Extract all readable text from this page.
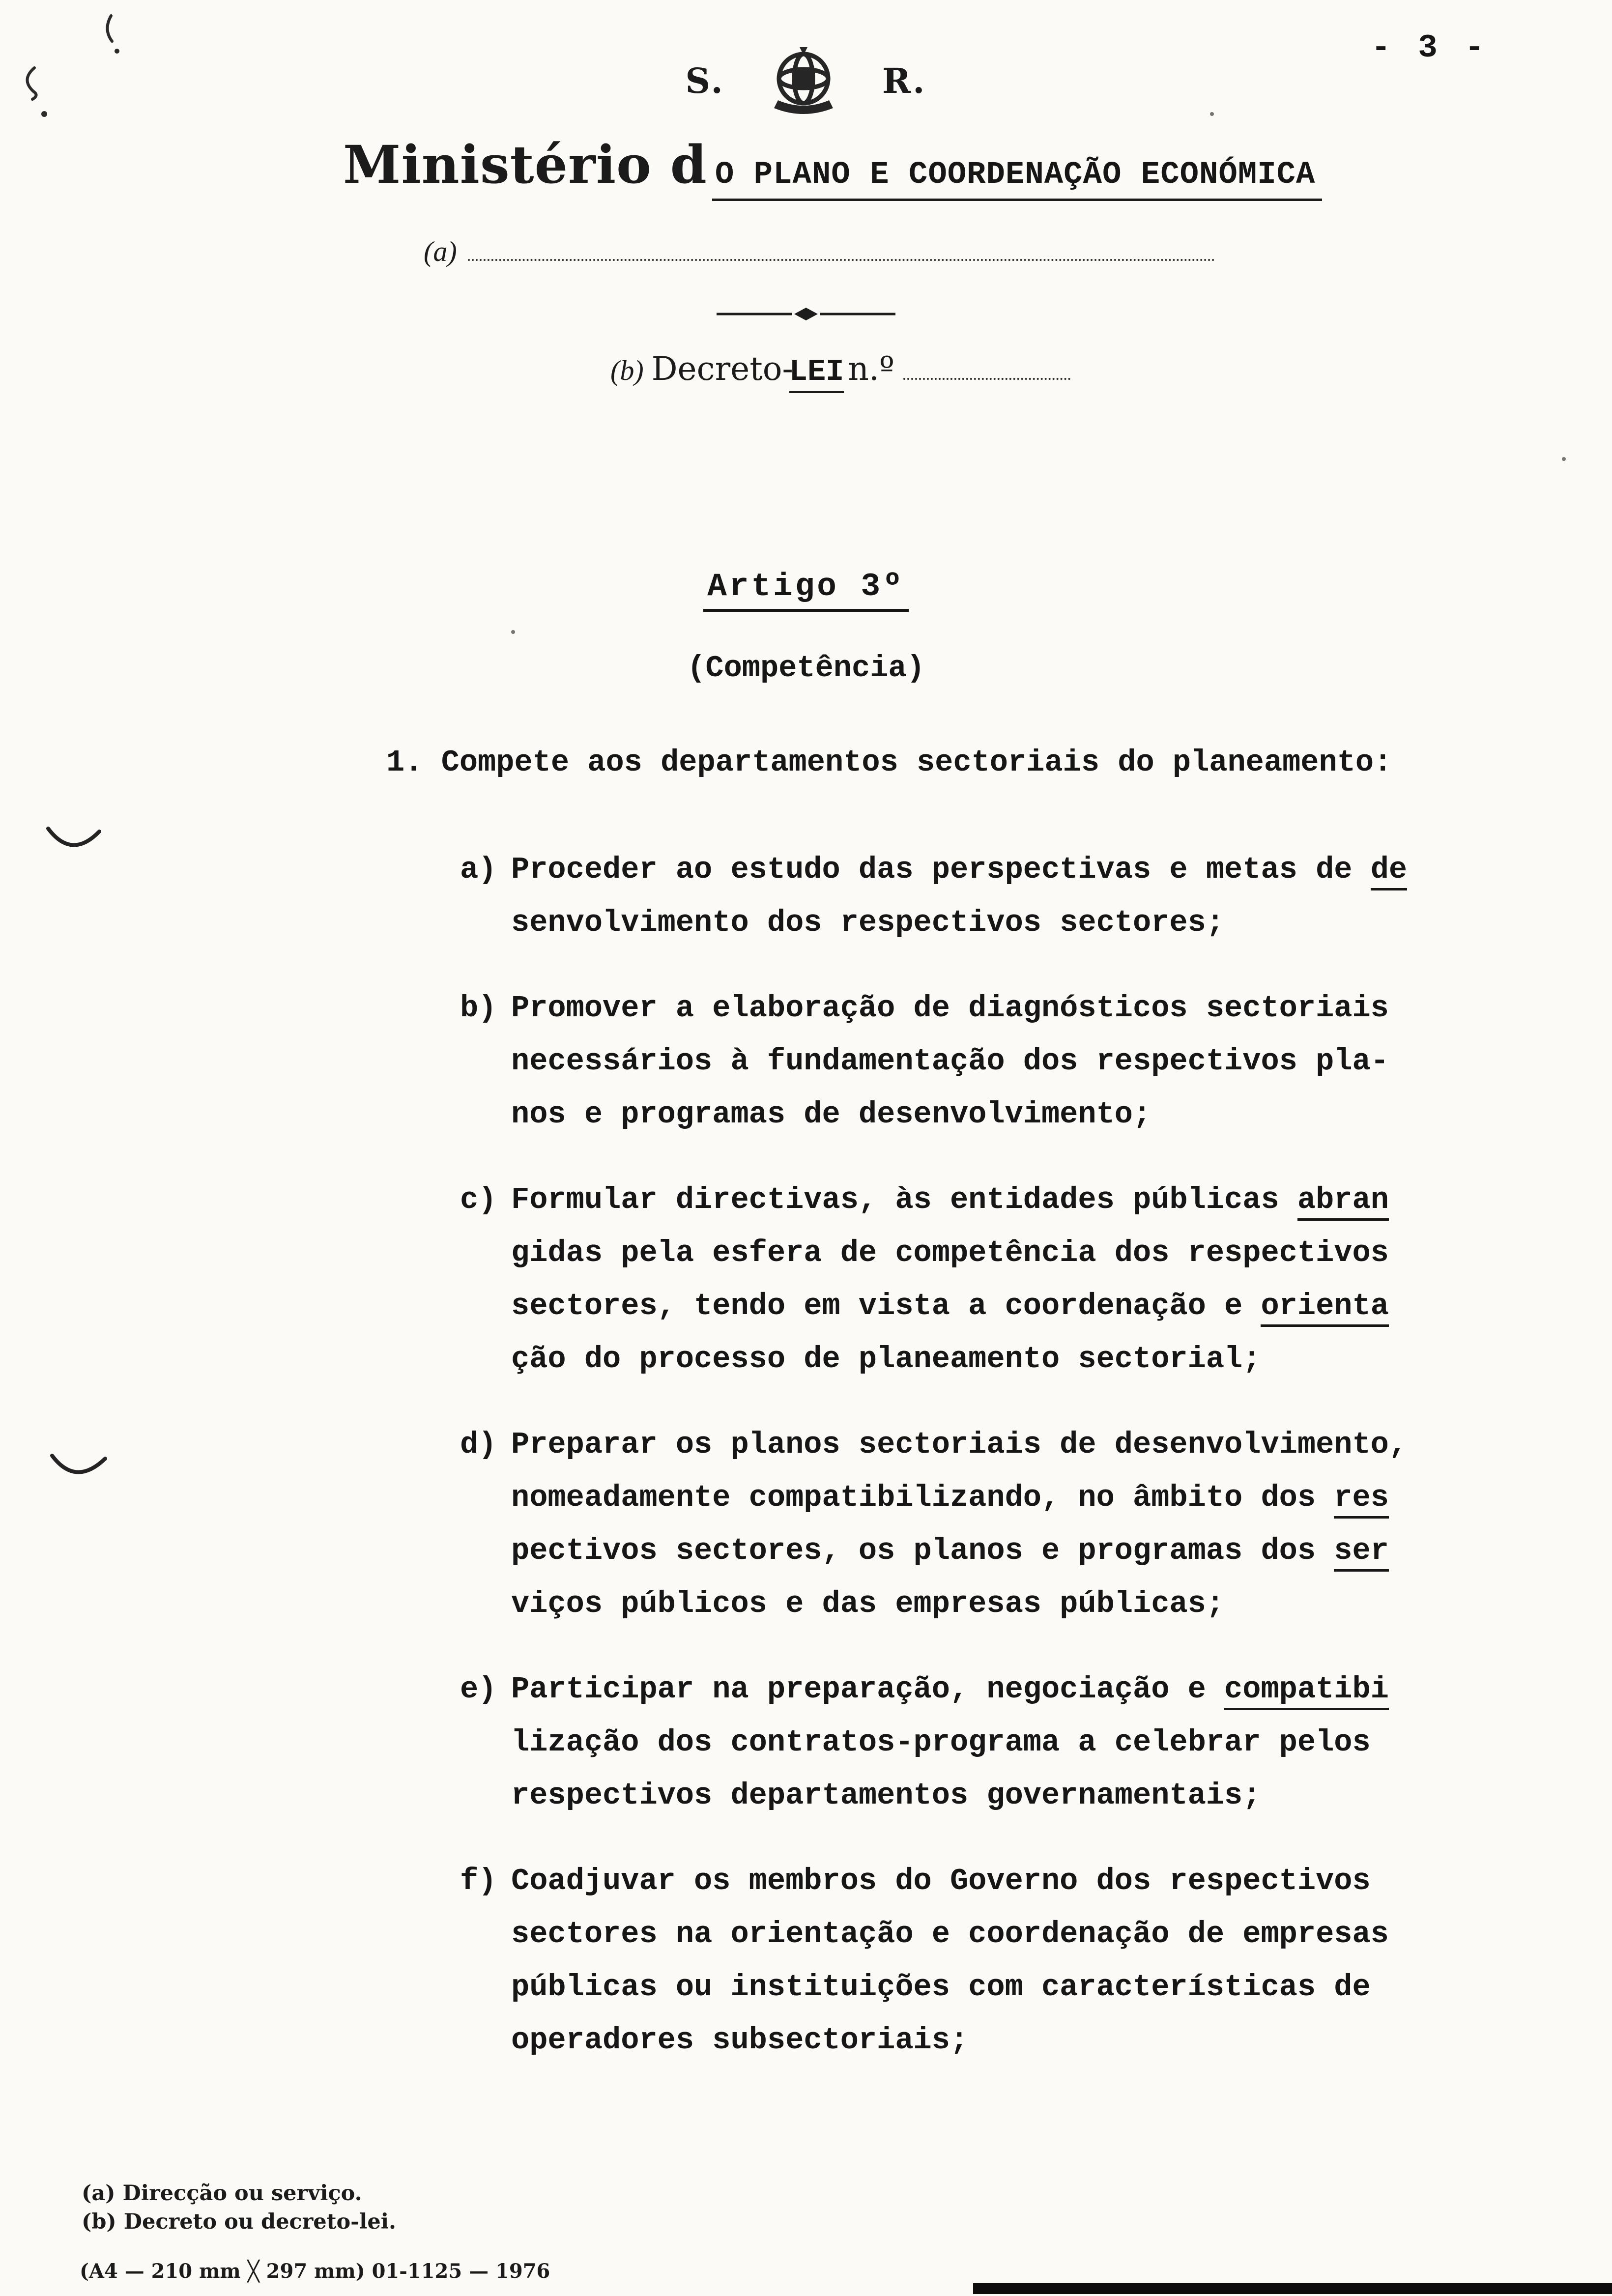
- 3 -
S.	R.
Ministério d O PLANO E COORDENAÇÃO ECONÓMICA
(a)
(b) Decreto-
LEI n.º
Artigo 3º
(Competência)
1. Compete aos departamentos sectoriais do planeamento:
a) Proceder ao estudo das perspectivas e metas de de
senvolvimento dos respectivos sectores;
b) Promover a elaboração de diagnósticos sectoriais
necessários à fundamentação dos respectivos pla-
nos e programas de desenvolvimento;
c) Formular directivas, às entidades públicas abran
gidas pela esfera de competência dos respectivos
sectores, tendo em vista a coordenação e orienta
ção do processo de planeamento sectorial;
d) Preparar os planos sectoriais de desenvolvimento,
nomeadamente compatibilizando, no âmbito dos res
pectivos sectores, os planos e programas dos ser
viços públicos e das empresas públicas;
e) Participar na preparação, negociação e compatibi
lização dos contratos-programa a celebrar pelos
respectivos departamentos governamentais;
f) Coadjuvar os membros do Governo dos respectivos
sectores na orientação e coordenação de empresas
públicas ou instituições com características de
operadores subsectoriais;
(a) Direcção ou serviço.
(b) Decreto ou decreto-lei.
(A4 — 210 mm ╳ 297 mm) 01-1125 — 1976
